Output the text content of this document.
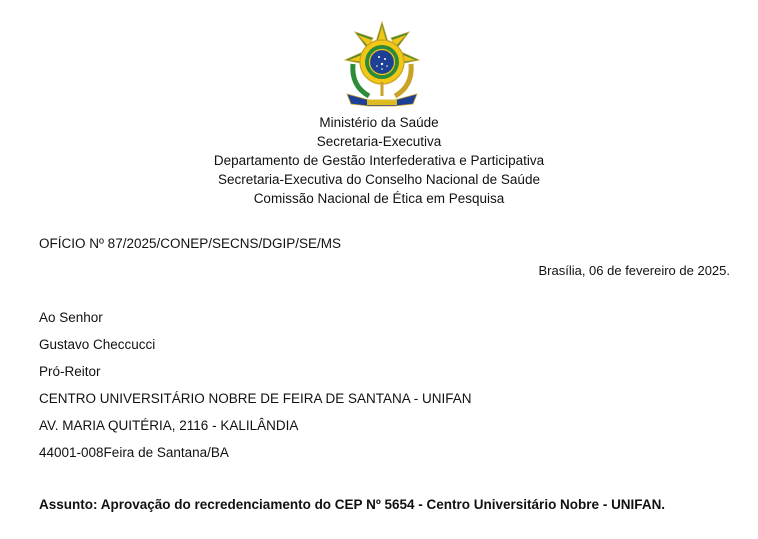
Ministério da Saúde
Secretaria-Executiva
Departamento de Gestão Interfederativa e Participativa
Secretaria-Executiva do Conselho Nacional de Saúde
Comissão Nacional de Ética em Pesquisa
OFÍCIO Nº 87/2025/CONEP/SECNS/DGIP/SE/MS
Brasília, 06 de fevereiro de 2025.
Ao Senhor
Gustavo Checcucci
Pró-Reitor
CENTRO UNIVERSITÁRIO NOBRE DE FEIRA DE SANTANA - UNIFAN
AV. MARIA QUITÉRIA, 2116 - KALILÂNDIA
44001-008Feira de Santana/BA
Assunto: Aprovação do recredenciamento do CEP Nº 5654 - Centro Universitário Nobre - UNIFAN.
